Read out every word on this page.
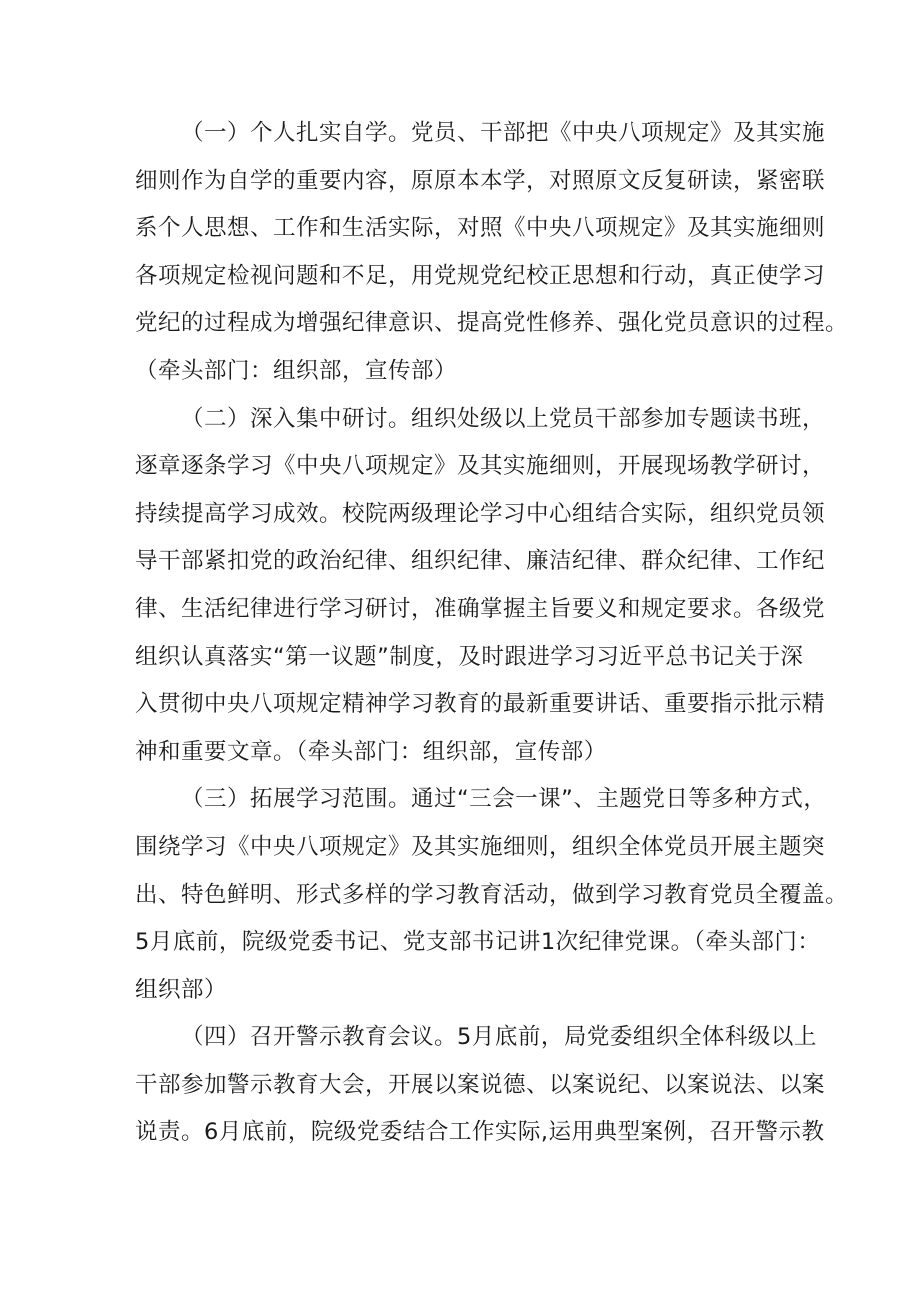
（一）个人扎实自学。党员、干部把《中央八项规定》及其实施
细则作为自学的重要内容，原原本本学，对照原文反复研读，紧密联
系个人思想、工作和生活实际，对照《中央八项规定》及其实施细则
各项规定检视问题和不足，用党规党纪校正思想和行动，真正使学习
党纪的过程成为增强纪律意识、提高党性修养、强化党员意识的过程。
（牵头部门：组织部，宣传部）
（二）深入集中研讨。组织处级以上党员干部参加专题读书班，
逐章逐条学习《中央八项规定》及其实施细则，开展现场教学研讨，
持续提高学习成效。校院两级理论学习中心组结合实际，组织党员领
导干部紧扣党的政治纪律、组织纪律、廉洁纪律、群众纪律、工作纪
律、生活纪律进行学习研讨，准确掌握主旨要义和规定要求。各级党
组织认真落实“第一议题”制度，及时跟进学习习近平总书记关于深
入贯彻中央八项规定精神学习教育的最新重要讲话、重要指示批示精
神和重要文章。（牵头部门：组织部，宣传部）
（三）拓展学习范围。通过“三会一课”、主题党日等多种方式，
围绕学习《中央八项规定》及其实施细则，组织全体党员开展主题突
出、特色鲜明、形式多样的学习教育活动，做到学习教育党员全覆盖。
5月底前，院级党委书记、党支部书记讲1次纪律党课。（牵头部门：
组织部）
（四）召开警示教育会议。5月底前，局党委组织全体科级以上
干部参加警示教育大会，开展以案说德、以案说纪、以案说法、以案
说责。6月底前，院级党委结合工作实际,运用典型案例，召开警示教
